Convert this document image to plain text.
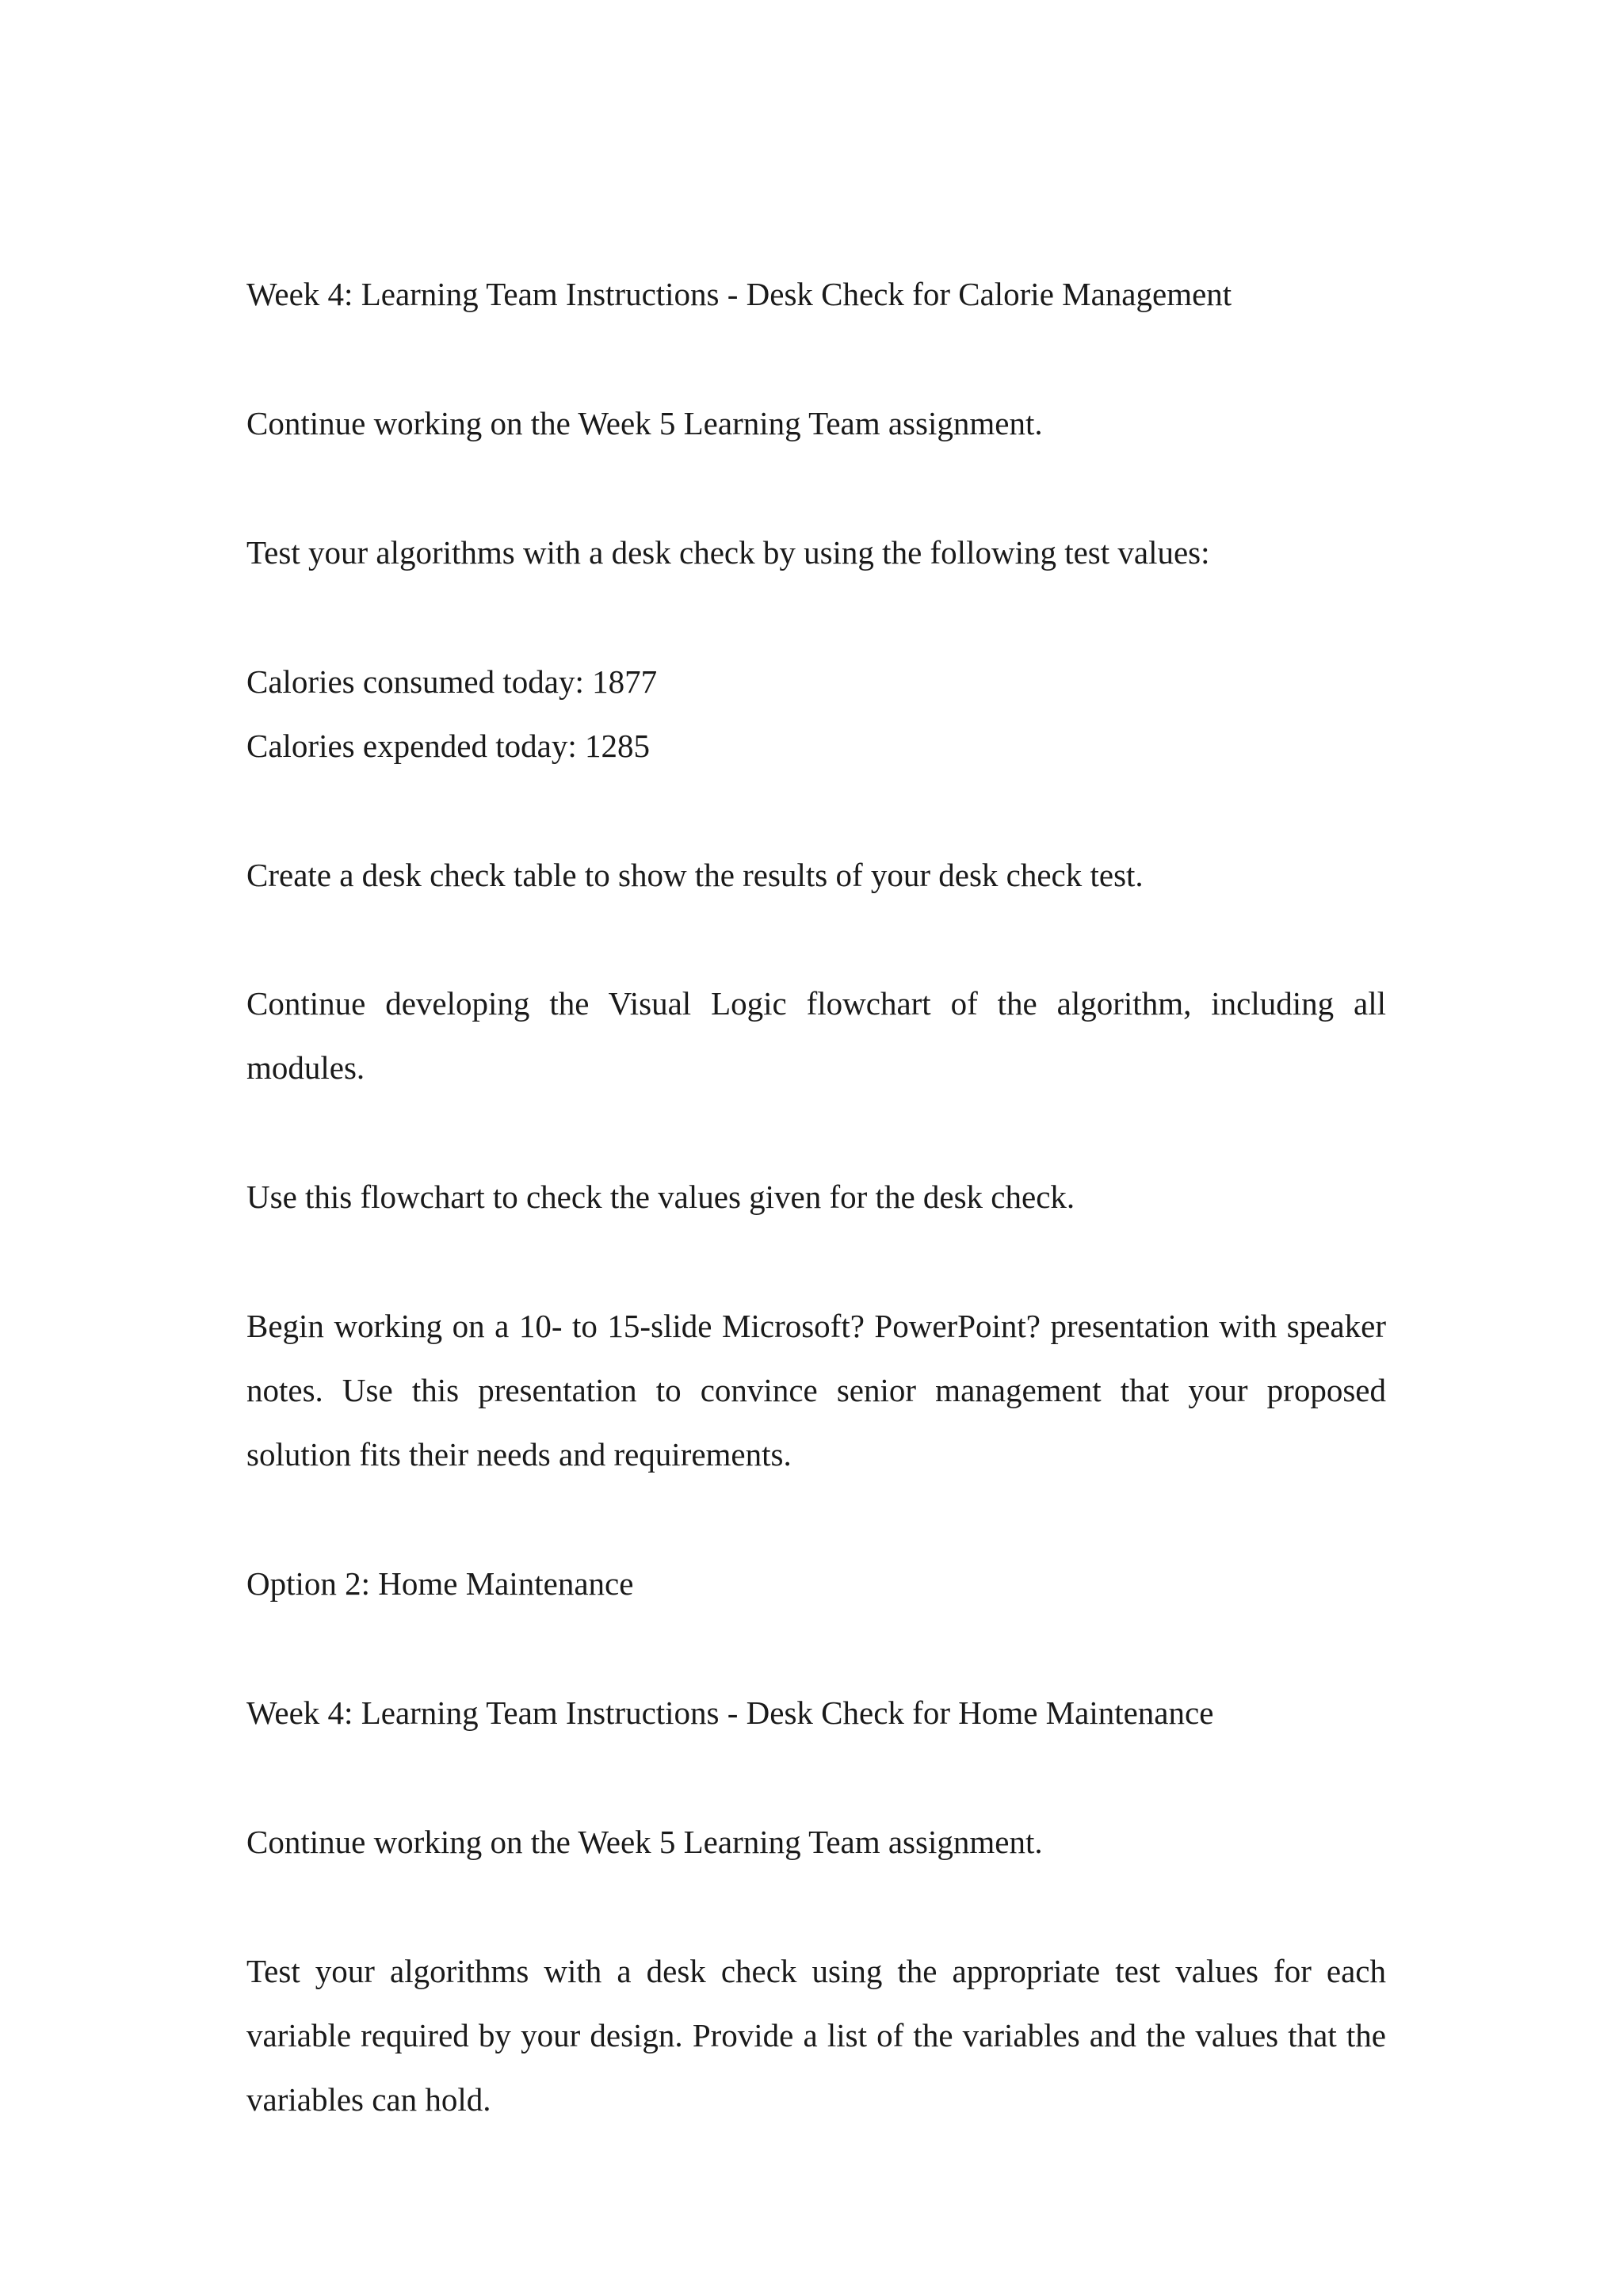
Week 4: Learning Team Instructions - Desk Check for Calorie Management

Continue working on the Week 5 Learning Team assignment.

Test your algorithms with a desk check by using the following test values:

Calories consumed today: 1877

Calories expended today: 1285

Create a desk check table to show the results of your desk check test.

Continue developing the Visual Logic flowchart of the algorithm, including all modules.

Use this flowchart to check the values given for the desk check.

Begin working on a 10- to 15-slide Microsoft? PowerPoint? presentation with speaker notes. Use this presentation to convince senior management that your proposed solution fits their needs and requirements.

Option 2: Home Maintenance

Week 4: Learning Team Instructions - Desk Check for Home Maintenance

Continue working on the Week 5 Learning Team assignment.

Test your algorithms with a desk check using the appropriate test values for each variable required by your design. Provide a list of the variables and the values that the variables can hold.
